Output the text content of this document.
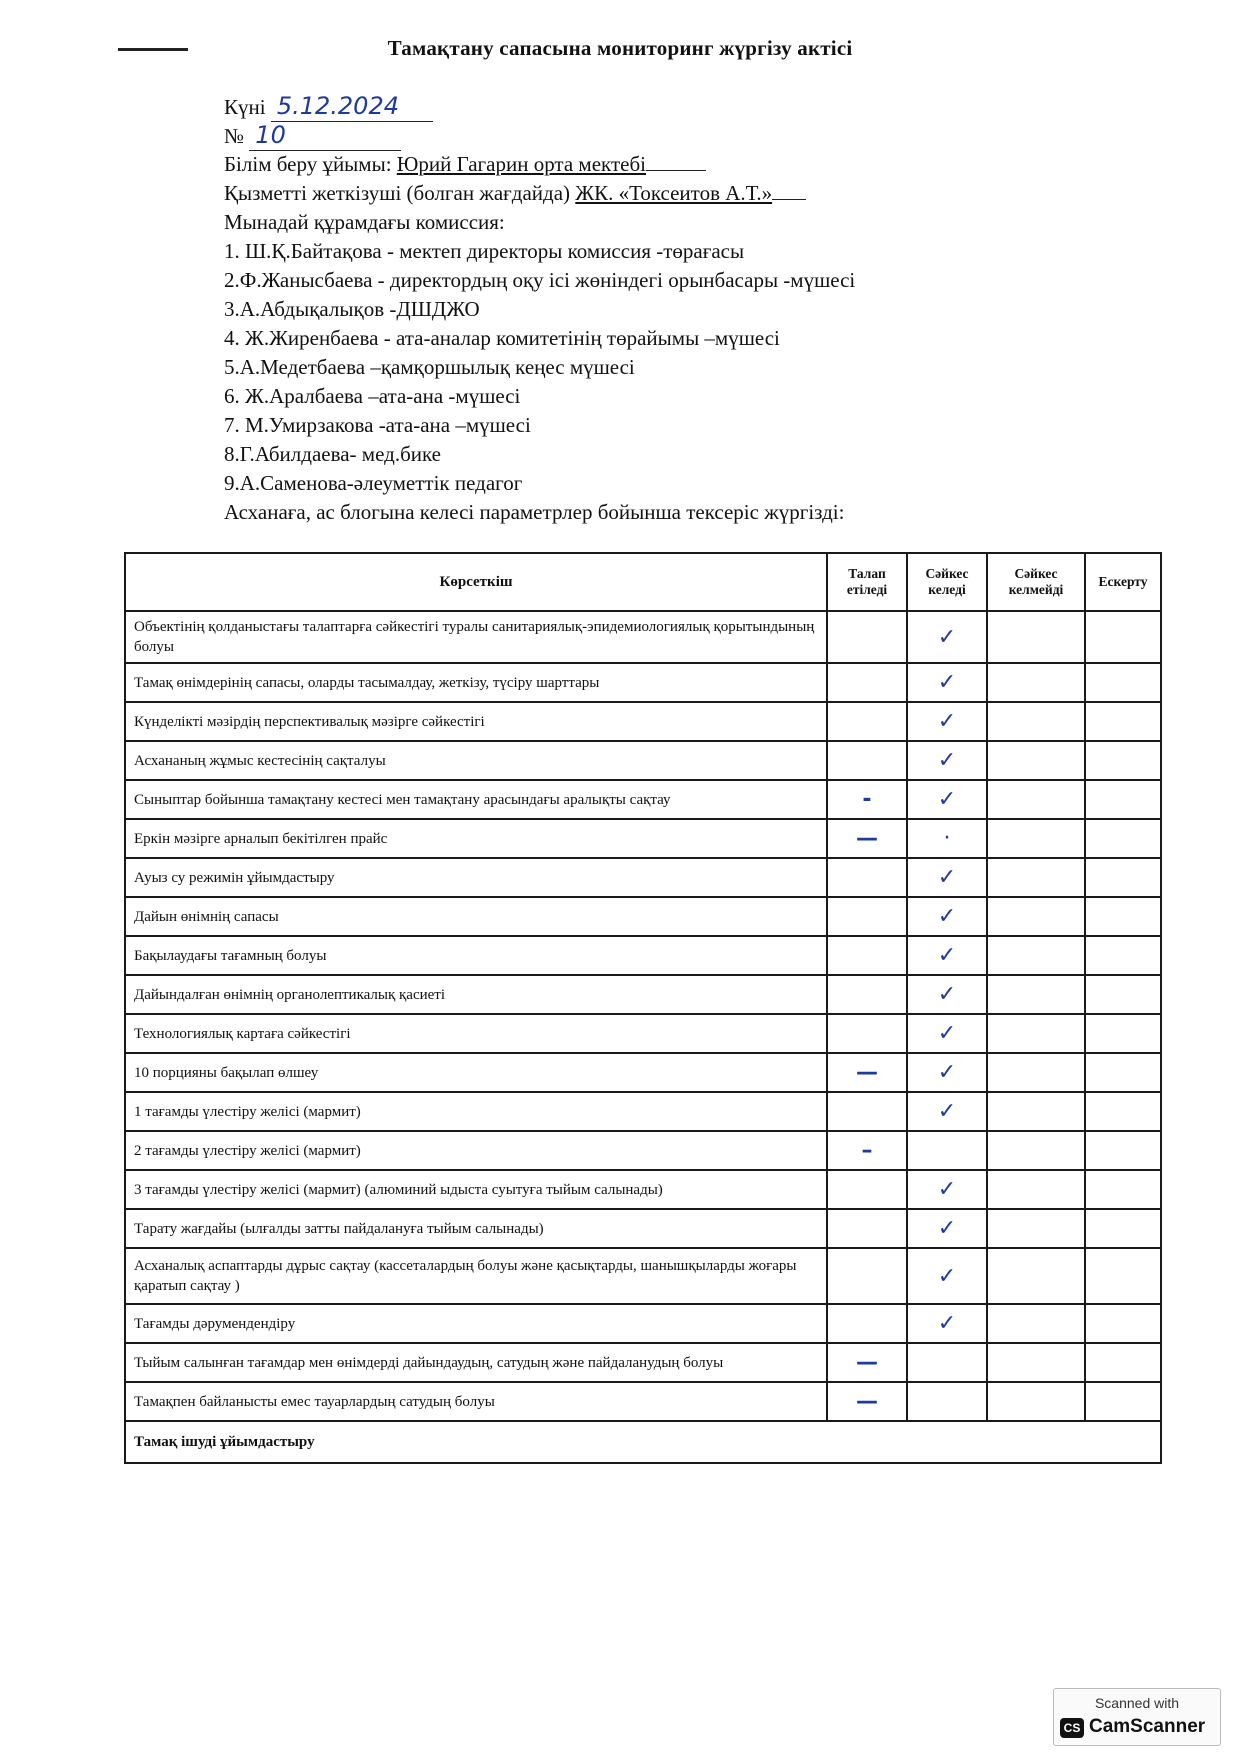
Тамақтану сапасына мониторинг жүргізу актісі
Күні 5.12.2024
№ 10
Білім беру ұйымы: Юрий Гагарин орта мектебі
Қызметті жеткізуші (болган жағдайда) ЖК. «Токсеитов А.Т.»
Мынадай құрамдағы комиссия:
1. Ш.Қ.Байтақова - мектеп директоры комиссия -төрағасы
2.Ф.Жанысбаева - директордың оқу ісі жөніндегі орынбасары -мүшесі
3.А.Абдықалықов -ДШДЖО
4. Ж.Жиренбаева - ата-аналар комитетінің төрайымы –мүшесі
5.А.Медетбаева –қамқоршылық кеңес мүшесі
6. Ж.Аралбаева –ата-ана -мүшесі
7. М.Умирзакова -ата-ана –мүшесі
8.Г.Абилдаева- мед.бике
9.А.Саменова-әлеуметтік педагог
Асханаға, ас блогына келесі параметрлер бойынша тексеріс жүргізді:
Көрсеткіш	Талап етіледі	Сәйкес келеді	Сәйкес келмейді	Ескерту
Объектінің қолданыстағы талаптарға сәйкестігі туралы санитариялық-эпидемиологиялық қорытындының болуы		✓		
Тамақ өнімдерінің сапасы, оларды тасымалдау, жеткізу, түсіру шарттары		✓		
Күнделікті мәзірдің перспективалық мәзірге сәйкестігі		✓		
Асхананың жұмыс кестесінің сақталуы		✓		
Сыныптар бойынша тамақтану кестесі мен тамақтану арасындағы аралықты сақтау	-	✓		
Еркін мәзірге арналып бекітілген прайс	—	·		
Ауыз су режимін ұйымдастыру		✓		
Дайын өнімнің сапасы		✓		
Бақылаудағы тағамның болуы		✓		
Дайындалған өнімнің органолептикалық қасиеті		✓		
Технологиялық картаға сәйкестігі		✓		
10 порцияны бақылап өлшеу	—	✓		
1 тағамды үлестіру желісі (мармит)		✓		
2 тағамды үлестіру желісі (мармит)	–			
3 тағамды үлестіру желісі (мармит) (алюминий ыдыста суытуға тыйым салынады)		✓		
Тарату жағдайы (ылғалды затты пайдалануға тыйым салынады)		✓		
Асханалық аспаптарды дұрыс сақтау (кассеталардың болуы және қасықтарды, шанышқыларды жоғары қаратып сақтау )		✓		
Тағамды дәрумендендіру		✓		
Тыйым салынған тағамдар мен өнімдерді дайындаудың, сатудың және пайдаланудың болуы	—			
Тамақпен байланысты емес тауарлардың сатудың болуы	—			
Тамақ ішуді ұйымдастыру				
Scanned with
CS CamScanner
